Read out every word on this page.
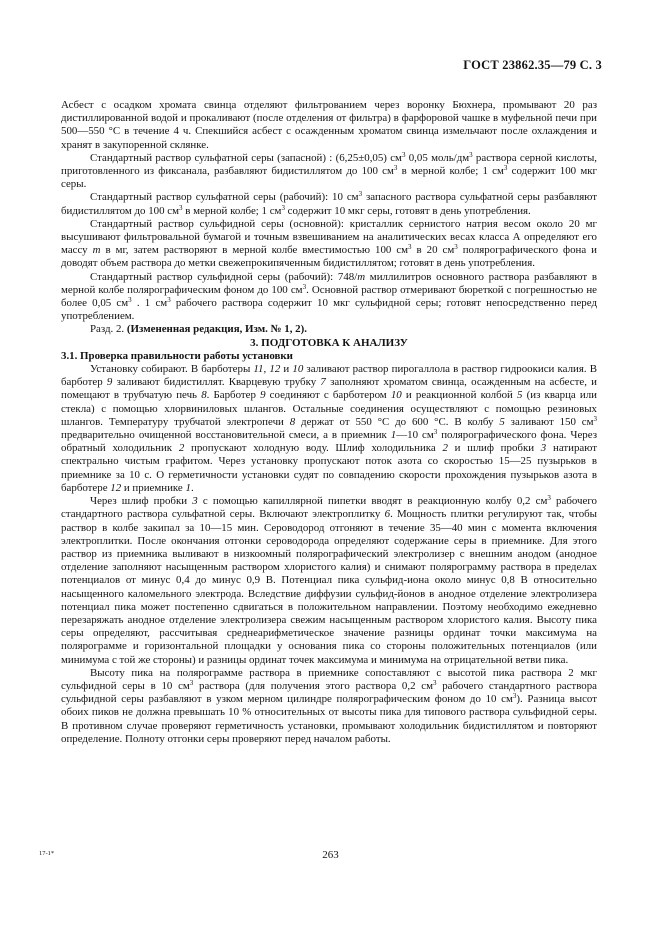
ГОСТ 23862.35—79 С. 3

Асбест с осадком хромата свинца отделяют фильтрованием через воронку Бюхнера, промывают 20 раз дистиллированной водой и прокаливают (после отделения от фильтра) в фарфоровой чашке в муфельной печи при 500—550 °С в течение 4 ч. Спекшийся асбест с осажденным хроматом свинца измельчают после охлаждения и хранят в закупоренной склянке.

Стандартный раствор сульфатной серы (запасной) : (6,25±0,05) $см^3$ 0,05 моль/$дм^3$ раствора серной кислоты, приготовленного из фиксанала, разбавляют бидистиллятом до 100 $см^3$ в мерной колбе; 1 $см^3$ содержит 100 мкг серы.

Стандартный раствор сульфатной серы (рабочий): 10 $см^3$ запасного раствора сульфатной серы разбавляют бидистиллятом до 100 $см^3$ в мерной колбе; 1 $см^3$ содержит 10 мкг серы, готовят в день употребления.

Стандартный раствор сульфидной серы (основной): кристаллик сернистого натрия весом около 20 мг высушивают фильтровальной бумагой и точным взвешиванием на аналитических весах класса А определяют его массу m в мг, затем растворяют в мерной колбе вместимостью 100 $см^3$ в 20 $см^3$ полярографического фона и доводят объем раствора до метки свежепрокипяченным бидистиллятом; готовят в день употребления.

Стандартный раствор сульфидной серы (рабочий): 748/m миллилитров основного раствора разбавляют в мерной колбе полярографическим фоном до 100 $см^3$. Основной раствор отмеривают бюреткой с погрешностью не более 0,05 $см^3$ . 1 $см^3$ рабочего раствора содержит 10 мкг сульфидной серы; готовят непосредственно перед употреблением.

Разд. 2. (Измененная редакция, Изм. № 1, 2).

3. ПОДГОТОВКА К АНАЛИЗУ

3.1. Проверка правильности работы установки

Установку собирают. В барботеры 11, 12 и 10 заливают раствор пирогаллола в раствор гидроокиси калия. В барботер 9 заливают бидистиллят. Кварцевую трубку 7 заполняют хроматом свинца, осажденным на асбесте, и помещают в трубчатую печь 8. Барботер 9 соединяют с барботером 10 и реакционной колбой 5 (из кварца или стекла) с помощью хлорвиниловых шлангов. Остальные соединения осуществляют с помощью резиновых шлангов. Температуру трубчатой электропечи 8 держат от 550 °С до 600 °С. В колбу 5 заливают 150 $см^3$ предварительно очищенной восстановительной смеси, а в приемник 1—10 $см^3$ полярографического фона. Через обратный холодильник 2 пропускают холодную воду. Шлиф холодильника 2 и шлиф пробки 3 натирают спектрально чистым графитом. Через установку пропускают поток азота со скоростью 15—25 пузырьков в приемнике за 10 с. О герметичности установки судят по совпадению скорости прохождения пузырьков азота в барботере 12 и приемнике 1.

Через шлиф пробки 3 с помощью капиллярной пипетки вводят в реакционную колбу 0,2 $см^3$ рабочего стандартного раствора сульфатной серы. Включают электроплитку 6. Мощность плитки регулируют так, чтобы раствор в колбе закипал за 10—15 мин. Сероводород отгоняют в течение 35—40 мин с момента включения электроплитки. После окончания отгонки сероводорода определяют содержание серы в приемнике. Для этого раствор из приемника выливают в низкоомный полярографический электролизер с внешним анодом (анодное отделение заполняют насыщенным раствором хлористого калия) и снимают полярограмму раствора в пределах потенциалов от минус 0,4 до минус 0,9 В. Потенциал пика сульфид-иона около минус 0,8 В относительно насыщенного каломельного электрода. Вследствие диффузии сульфид-йонов в анодное отделение электролизера потенциал пика может постепенно сдвигаться в положительном направлении. Поэтому необходимо ежедневно перезаряжать анодное отделение электролизера свежим насыщенным раствором хлористого калия. Высоту пика серы определяют, рассчитывая среднеарифметическое значение разницы ординат точки максимума на полярограмме и горизонтальной площадки у основания пика со стороны положительных потенциалов (или минимума с той же стороны) и разницы ординат точек максимума и минимума на отрицательной ветви пика.

Высоту пика на полярограмме раствора в приемнике сопоставляют с высотой пика раствора 2 мкг сульфидной серы в 10 $см^3$ раствора (для получения этого раствора 0,2 $см^3$ рабочего стандартного раствора сульфидной серы разбавляют в узком мерном цилиндре полярографическим фоном до 10 $см^3$). Разница высот обоих пиков не должна превышать 10 % относительных от высоты пика для типового раствора сульфидной серы. В противном случае проверяют герметичность установки, промывают холодильник бидистиллятом и повторяют определение. Полноту отгонки серы проверяют перед началом работы.

263
17-1*
